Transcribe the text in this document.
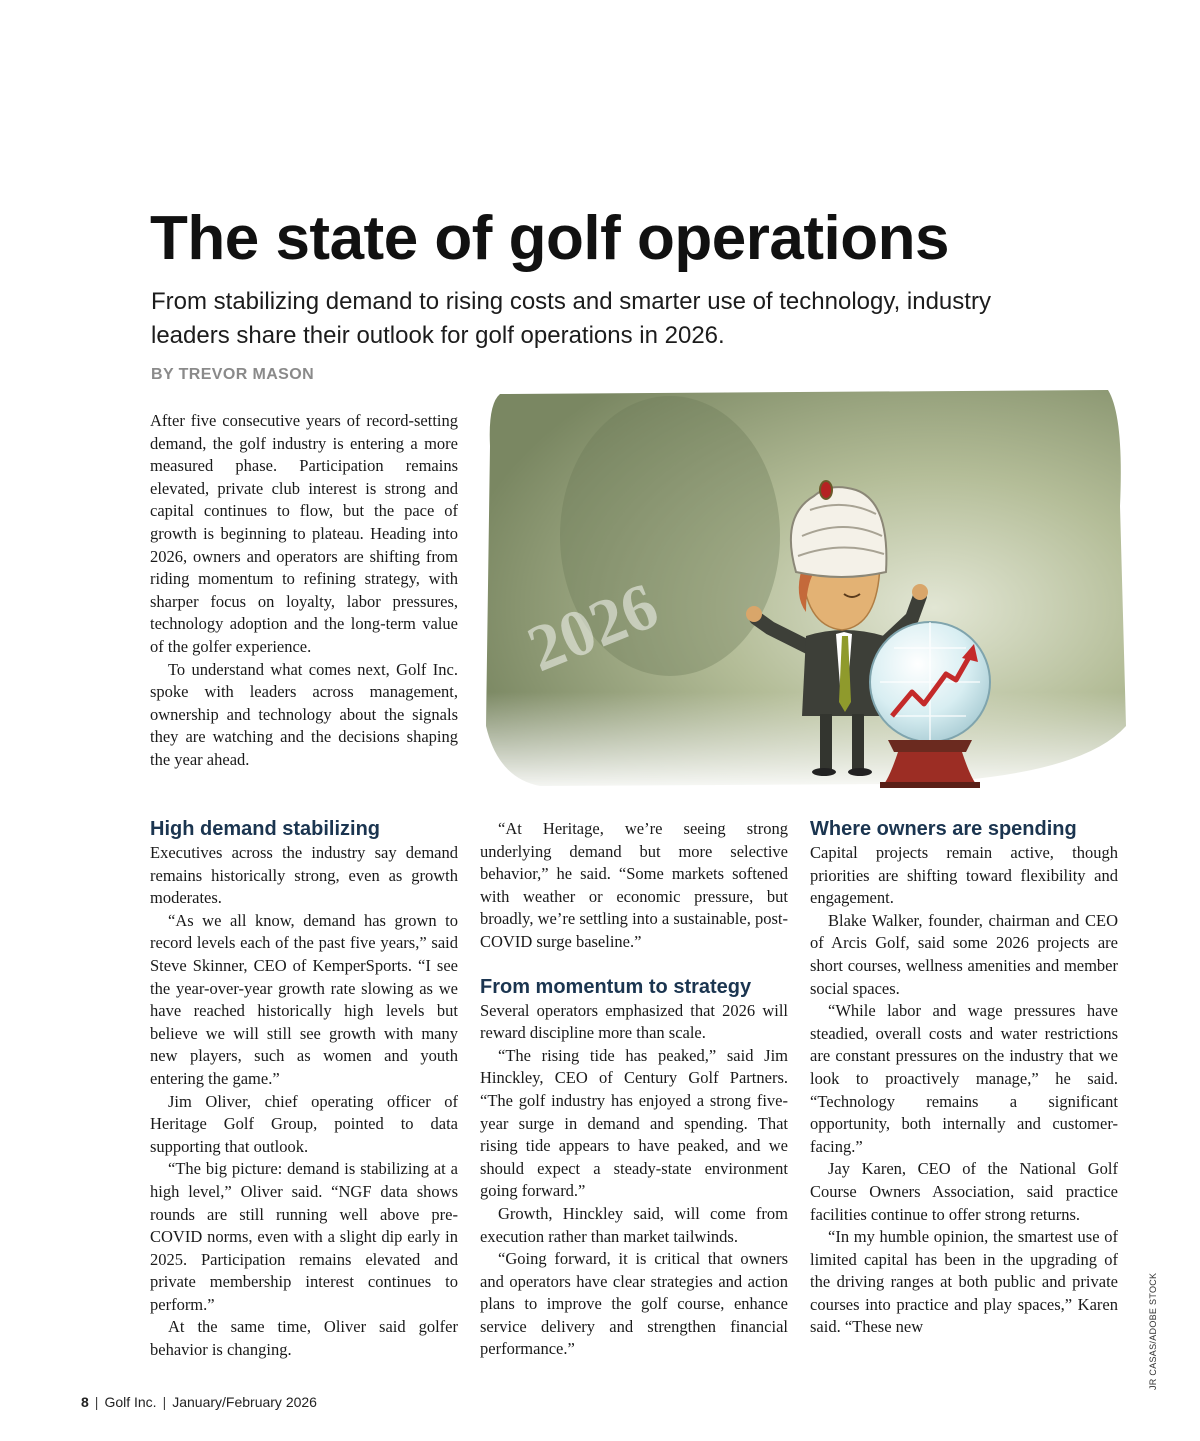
The state of golf operations

From stabilizing demand to rising costs and smarter use of technology, industry leaders share their outlook for golf operations in 2026.

BY TREVOR MASON

After five consecutive years of record-setting demand, the golf industry is entering a more measured phase. Participation remains elevated, private club interest is strong and capital continues to flow, but the pace of growth is beginning to plateau. Heading into 2026, owners and operators are shifting from riding momentum to refining strategy, with sharper focus on loyalty, labor pressures, technology adoption and the long-term value of the golfer experience.

To understand what comes next, Golf Inc. spoke with leaders across management, ownership and technology about the signals they are watching and the decisions shaping the year ahead.

2026
High demand stabilizing

Executives across the industry say demand remains historically strong, even as growth moderates.

“As we all know, demand has grown to record levels each of the past five years,” said Steve Skinner, CEO of KemperSports. “I see the year-over-year growth rate slowing as we have reached historically high levels but believe we will still see growth with many new players, such as women and youth entering the game.”

Jim Oliver, chief operating officer of Heritage Golf Group, pointed to data supporting that outlook.

“The big picture: demand is stabilizing at a high level,” Oliver said. “NGF data shows rounds are still running well above pre-COVID norms, even with a slight dip early in 2025. Participation remains elevated and private membership interest continues to perform.”

At the same time, Oliver said golfer behavior is changing.

“At Heritage, we’re seeing strong underlying demand but more selective behavior,” he said. “Some markets softened with weather or economic pressure, but broadly, we’re settling into a sustainable, post-COVID surge baseline.”

From momentum to strategy

Several operators emphasized that 2026 will reward discipline more than scale.

“The rising tide has peaked,” said Jim Hinckley, CEO of Century Golf Partners. “The golf industry has enjoyed a strong five-year surge in demand and spending. That rising tide appears to have peaked, and we should expect a steady-state environment going forward.”

Growth, Hinckley said, will come from execution rather than market tailwinds.

“Going forward, it is critical that owners and operators have clear strategies and action plans to improve the golf course, enhance service delivery and strengthen financial performance.”

Where owners are spending

Capital projects remain active, though priorities are shifting toward flexibility and engagement.

Blake Walker, founder, chairman and CEO of Arcis Golf, said some 2026 projects are short courses, wellness amenities and member social spaces.

“While labor and wage pressures have steadied, overall costs and water restrictions are constant pressures on the industry that we look to proactively manage,” he said. “Technology remains a significant opportunity, both internally and customer-facing.”

Jay Karen, CEO of the National Golf Course Owners Association, said practice facilities continue to offer strong returns.

“In my humble opinion, the smartest use of limited capital has been in the upgrading of the driving ranges at both public and private courses into practice and play spaces,” Karen said. “These new	JR CASAS/ADOBE STOCK
8 | Golf Inc. | January/February 2026
